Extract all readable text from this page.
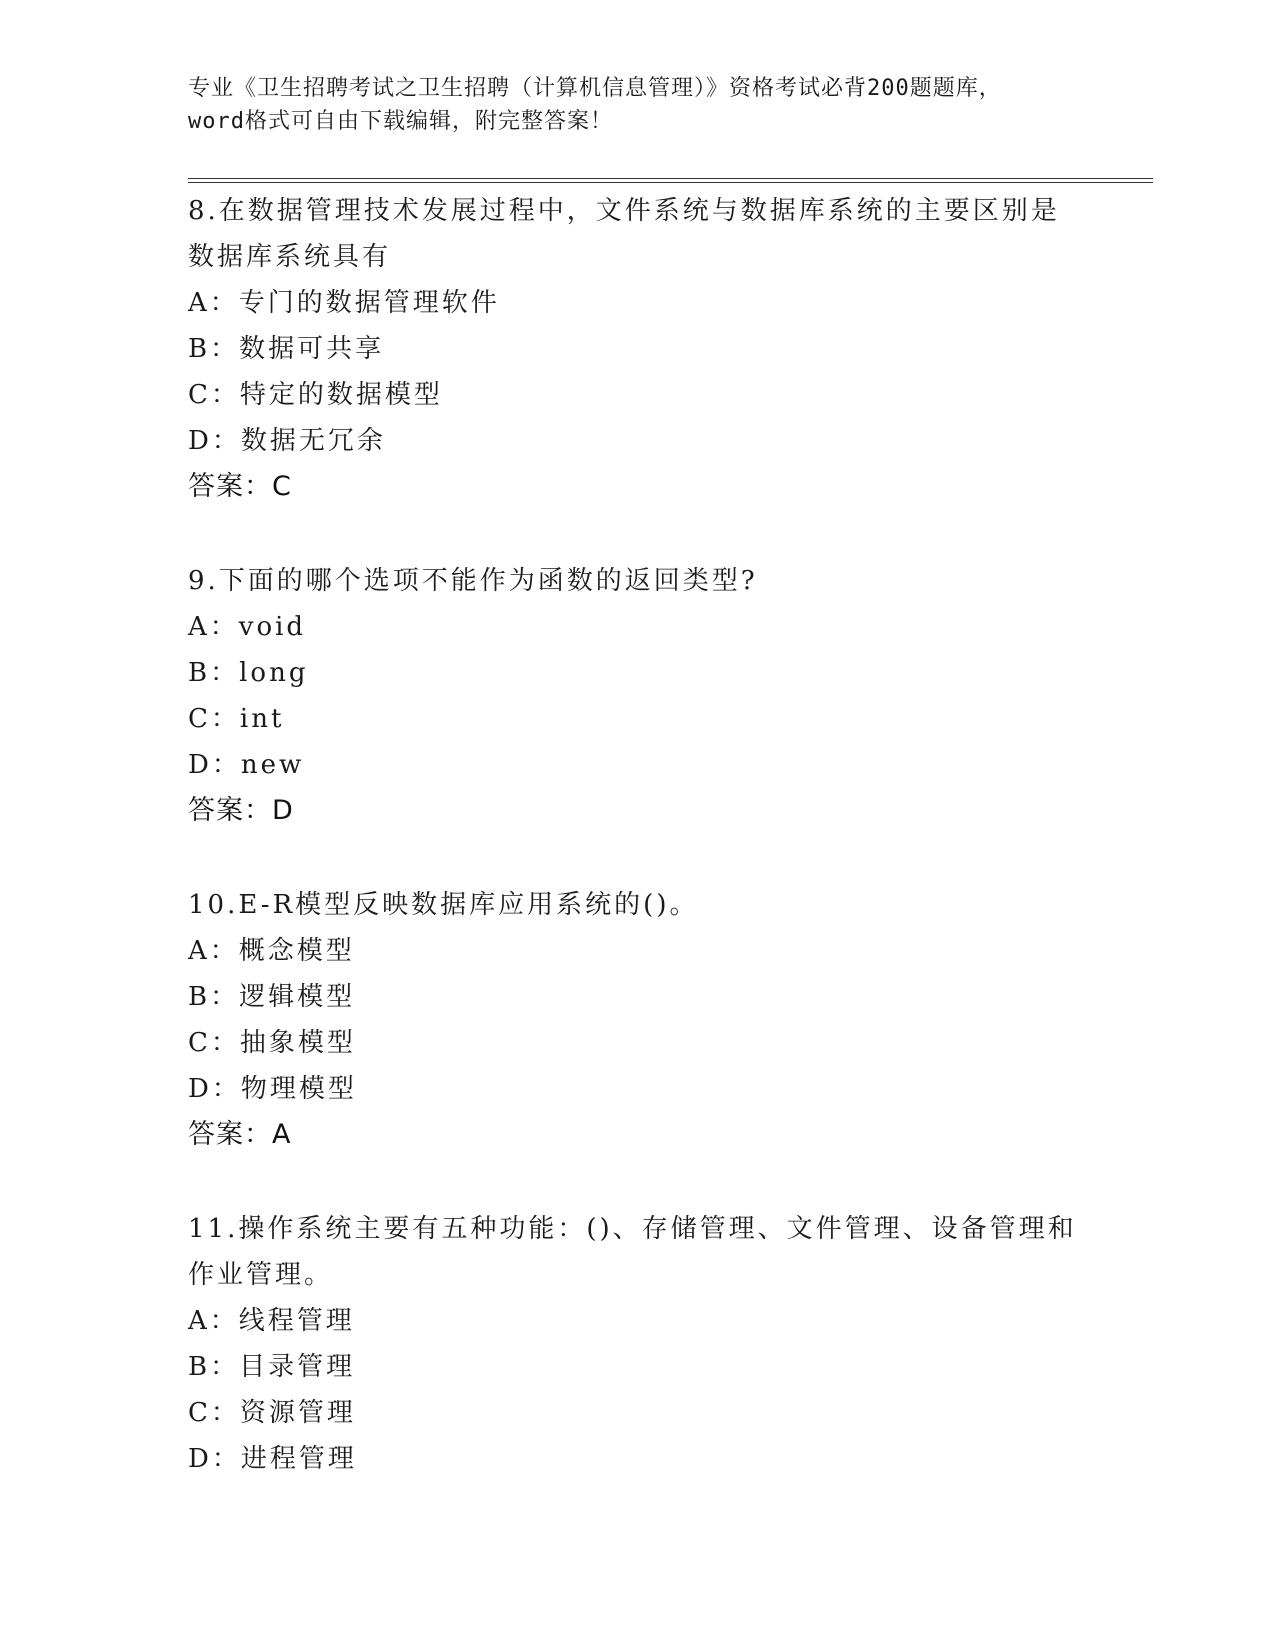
专业《卫生招聘考试之卫生招聘（计算机信息管理）》资格考试必背200题题库，
word格式可自由下载编辑，附完整答案！
8.在数据管理技术发展过程中，文件系统与数据库系统的主要区别是
数据库系统具有
A：专门的数据管理软件
B：数据可共享
C：特定的数据模型
D：数据无冗余
答案：C
9.下面的哪个选项不能作为函数的返回类型?
A：void
B：long
C：int
D：new
答案：D
10.E-R模型反映数据库应用系统的()。
A：概念模型
B：逻辑模型
C：抽象模型
D：物理模型
答案：A
11.操作系统主要有五种功能：()、存储管理、文件管理、设备管理和
作业管理。
A：线程管理
B：目录管理
C：资源管理
D：进程管理
